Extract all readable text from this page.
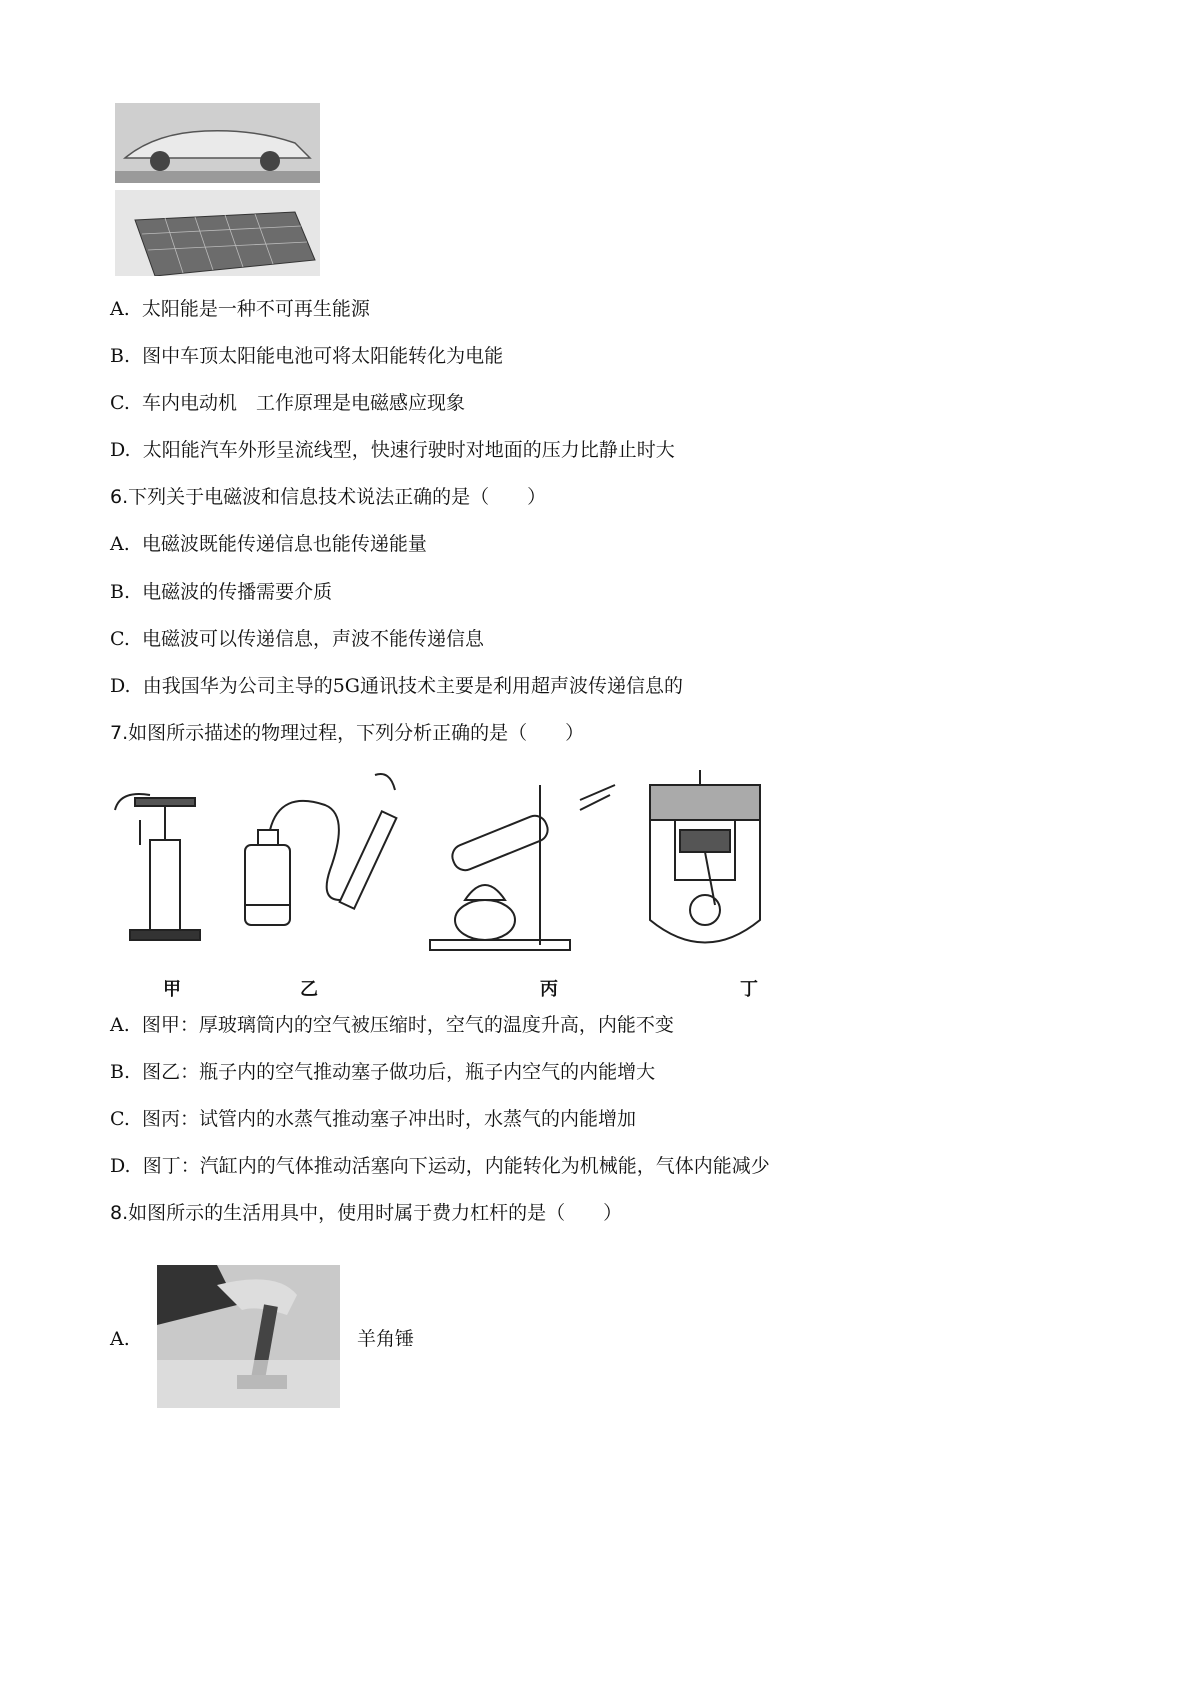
A. 太阳能是一种不可再生能源
B. 图中车顶太阳能电池可将太阳能转化为电能
C. 车内电动机　工作原理是电磁感应现象
D. 太阳能汽车外形呈流线型，快速行驶时对地面的压力比静止时大
6.下列关于电磁波和信息技术说法正确的是（　　）
A. 电磁波既能传递信息也能传递能量
B. 电磁波的传播需要介质
C. 电磁波可以传递信息，声波不能传递信息
D. 由我国华为公司主导的5G通讯技术主要是利用超声波传递信息的
7.如图所示描述的物理过程，下列分析正确的是（　　）
甲	乙	丙	丁
A. 图甲：厚玻璃筒内的空气被压缩时，空气的温度升高，内能不变
B. 图乙：瓶子内的空气推动塞子做功后，瓶子内空气的内能增大
C. 图丙：试管内的水蒸气推动塞子冲出时，水蒸气的内能增加
D. 图丁：汽缸内的气体推动活塞向下运动，内能转化为机械能，气体内能减少
8.如图所示的生活用具中，使用时属于费力杠杆的是（　　）
A.	羊角锤
